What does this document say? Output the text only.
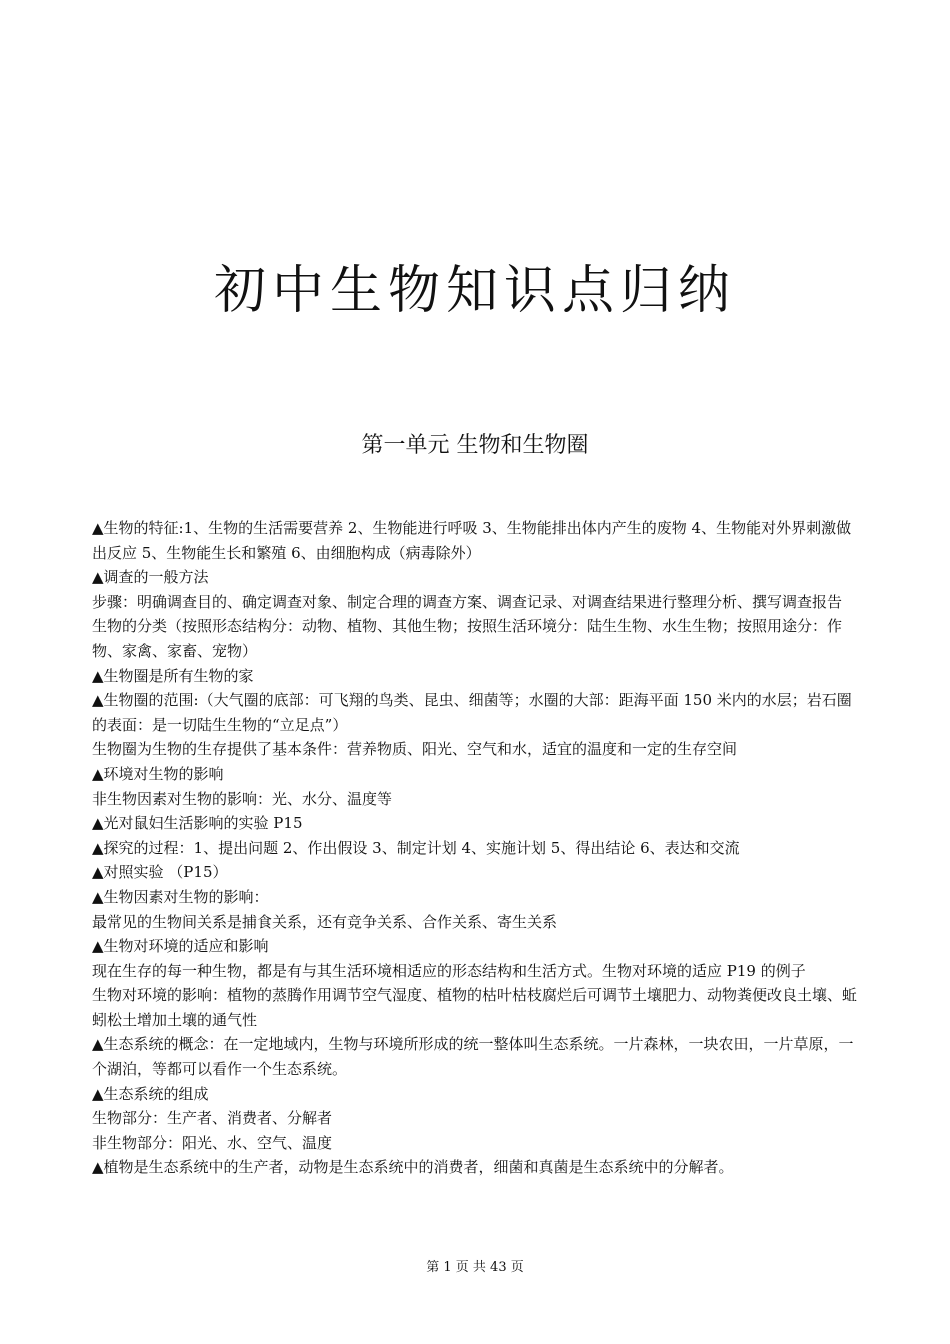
初中生物知识点归纳
第一单元 生物和生物圈

▲生物的特征:1、生物的生活需要营养 2、生物能进行呼吸 3、生物能排出体内产生的废物 4、生物能对外界刺激做出反应 5、生物能生长和繁殖 6、由细胞构成（病毒除外）

▲调查的一般方法

步骤：明确调查目的、确定调查对象、制定合理的调查方案、调查记录、对调查结果进行整理分析、撰写调查报告

生物的分类（按照形态结构分：动物、植物、其他生物；按照生活环境分：陆生生物、水生生物；按照用途分：作物、家禽、家畜、宠物）

▲生物圈是所有生物的家

▲生物圈的范围:（大气圈的底部：可飞翔的鸟类、昆虫、细菌等；水圈的大部：距海平面 150 米内的水层；岩石圈的表面：是一切陆生生物的“立足点”）

生物圈为生物的生存提供了基本条件：营养物质、阳光、空气和水，适宜的温度和一定的生存空间

▲环境对生物的影响

非生物因素对生物的影响：光、水分、温度等

▲光对鼠妇生活影响的实验 P15

▲探究的过程：1、提出问题 2、作出假设 3、制定计划 4、实施计划 5、得出结论 6、表达和交流

▲对照实验 （P15）

▲生物因素对生物的影响：

最常见的生物间关系是捕食关系，还有竞争关系、合作关系、寄生关系

▲生物对环境的适应和影响

现在生存的每一种生物，都是有与其生活环境相适应的形态结构和生活方式。生物对环境的适应 P19 的例子

生物对环境的影响：植物的蒸腾作用调节空气湿度、植物的枯叶枯枝腐烂后可调节土壤肥力、动物粪便改良土壤、蚯蚓松土增加土壤的通气性

▲生态系统的概念：在一定地域内，生物与环境所形成的统一整体叫生态系统。一片森林，一块农田，一片草原，一个湖泊，等都可以看作一个生态系统。

▲生态系统的组成

生物部分：生产者、消费者、分解者

非生物部分：阳光、水、空气、温度

▲植物是生态系统中的生产者，动物是生态系统中的消费者，细菌和真菌是生态系统中的分解者。

第 1 页 共 43 页
